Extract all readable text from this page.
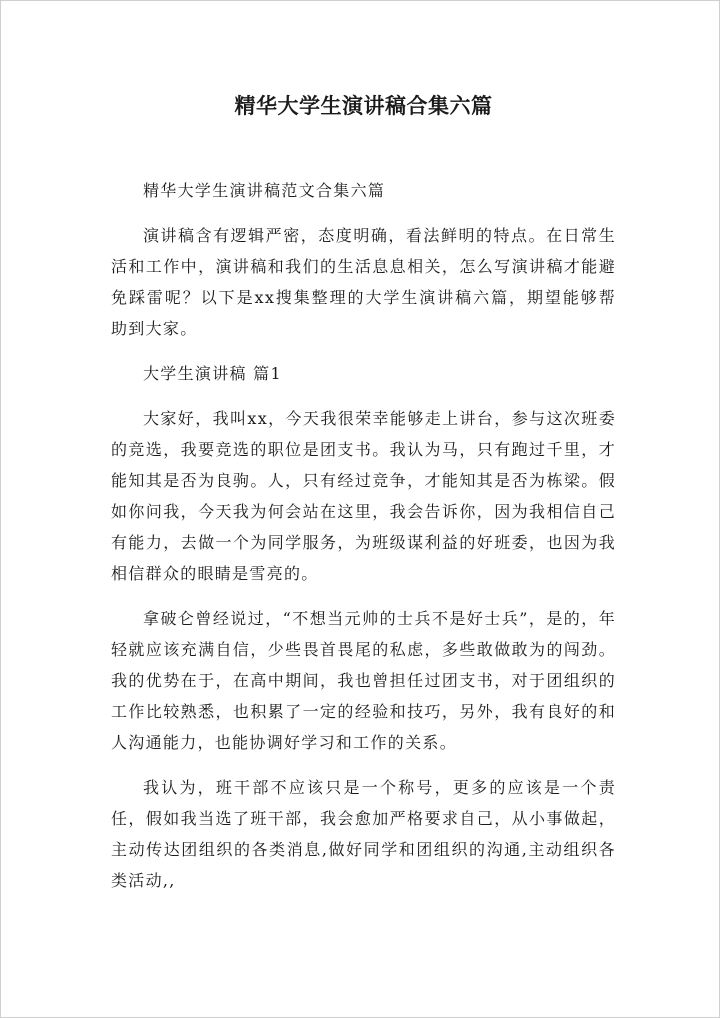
精华大学生演讲稿合集六篇

精华大学生演讲稿范文合集六篇

演讲稿含有逻辑严密，态度明确，看法鲜明的特点。在日常生活和工作中，演讲稿和我们的生活息息相关，怎么写演讲稿才能避免踩雷呢？以下是xx搜集整理的大学生演讲稿六篇，期望能够帮助到大家。

大学生演讲稿 篇1

大家好，我叫xx，今天我很荣幸能够走上讲台，参与这次班委的竞选，我要竞选的职位是团支书。我认为马，只有跑过千里，才能知其是否为良驹。人，只有经过竞争，才能知其是否为栋梁。假如你问我，今天我为何会站在这里，我会告诉你，因为我相信自己有能力，去做一个为同学服务，为班级谋利益的好班委，也因为我相信群众的眼睛是雪亮的。

拿破仑曾经说过，“不想当元帅的士兵不是好士兵”，是的，年轻就应该充满自信，少些畏首畏尾的私虑，多些敢做敢为的闯劲。我的优势在于，在高中期间，我也曾担任过团支书，对于团组织的工作比较熟悉，也积累了一定的经验和技巧，另外，我有良好的和人沟通能力，也能协调好学习和工作的关系。

我认为，班干部不应该只是一个称号，更多的应该是一个责任，假如我当选了班干部，我会愈加严格要求自己，从小事做起，主动传达团组织的各类消息,做好同学和团组织的沟通,主动组织各类活动,,
